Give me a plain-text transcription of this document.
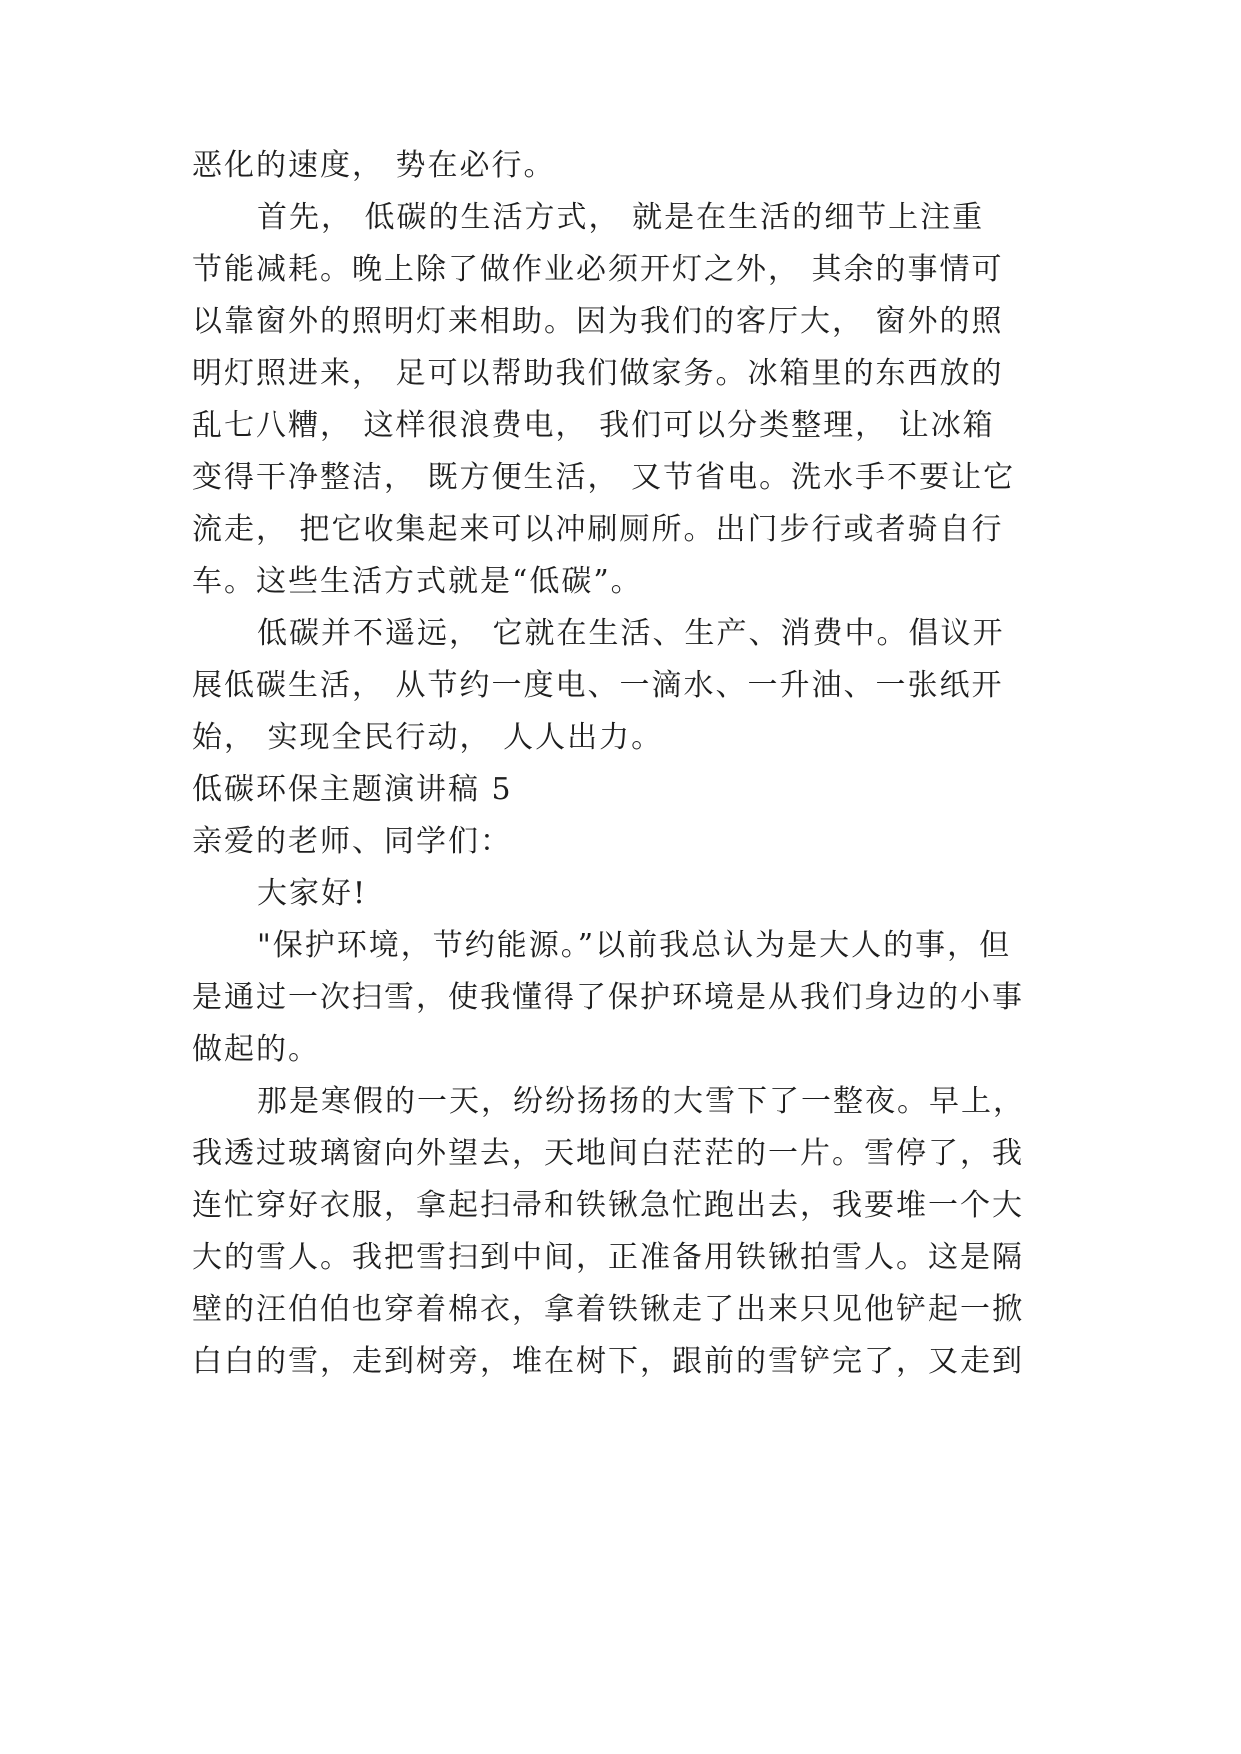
恶化的速度， 势在必行。
首先， 低碳的生活方式， 就是在生活的细节上注重
节能减耗。晚上除了做作业必须开灯之外， 其余的事情可
以靠窗外的照明灯来相助。因为我们的客厅大， 窗外的照
明灯照进来， 足可以帮助我们做家务。冰箱里的东西放的
乱七八糟， 这样很浪费电， 我们可以分类整理， 让冰箱
变得干净整洁， 既方便生活， 又节省电。洗水手不要让它
流走， 把它收集起来可以冲刷厕所。出门步行或者骑自行
车。这些生活方式就是“低碳”。
低碳并不遥远， 它就在生活、生产、消费中。倡议开
展低碳生活， 从节约一度电、一滴水、一升油、一张纸开
始， 实现全民行动， 人人出力。
低碳环保主题演讲稿 5
亲爱的老师、同学们：
大家好!
"保护环境，节约能源。”以前我总认为是大人的事，但
是通过一次扫雪，使我懂得了保护环境是从我们身边的小事
做起的。
那是寒假的一天，纷纷扬扬的大雪下了一整夜。早上，
我透过玻璃窗向外望去，天地间白茫茫的一片。雪停了，我
连忙穿好衣服，拿起扫帚和铁锹急忙跑出去，我要堆一个大
大的雪人。我把雪扫到中间，正准备用铁锹拍雪人。这是隔
壁的汪伯伯也穿着棉衣，拿着铁锹走了出来只见他铲起一掀
白白的雪，走到树旁，堆在树下，跟前的雪铲完了，又走到
